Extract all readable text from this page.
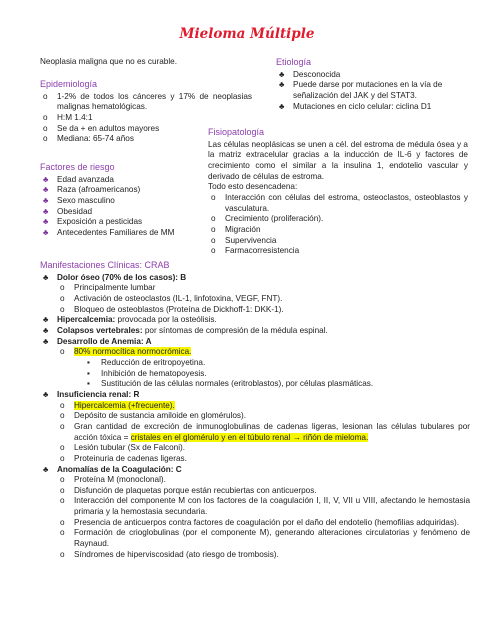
Mieloma Múltiple

Neoplasia maligna que no es curable.

Epidemiología
o	1-2% de todos los cánceres y 17% de neoplasias malignas hematológicas.
o	H:M 1.4:1
o	Se da + en adultos mayores
o	Mediana: 65-74 años
Factores de riesgo
♣	Edad avanzada
♣	Raza (afroamericanos)
♣	Sexo masculino
♣	Obesidad
♣	Exposición a pesticidas
♣	Antecedentes Familiares de MM
Etiología
♣	Desconocida
♣	Puede darse por mutaciones en la vía de señalización del JAK y del STAT3.
♣	Mutaciones en ciclo celular: ciclina D1
Fisiopatología

Las células neoplásicas se unen a cél. del estroma de médula ósea y a la matriz extracelular gracias a la inducción de IL-6 y factores de crecimiento como el similar a la insulina 1, endotelio vascular y derivado de células de estroma.

Todo esto desencadena:

o	Interacción con células del estroma, osteoclastos, osteoblastos y vasculatura.
o	Crecimiento (proliferación).
o	Migración
o	Supervivencia
o	Farmacorresistencia
Manifestaciones Clínicas: CRAB
♣	Dolor óseo (70% de los casos): B
o	Principalmente lumbar
o	Activación de osteoclastos (IL-1, linfotoxina, VEGF, FNT).
o	Bloqueo de osteoblastos (Proteína de Dickhoff-1: DKK-1).
♣	Hipercalcemia: provocada por la osteólisis.
♣	Colapsos vertebrales: por síntomas de compresión de la médula espinal.
♣	Desarrollo de Anemia: A
o	80% normocítica normocrómica.
▪	Reducción de eritropoyetina.
▪	Inhibición de hematopoyesis.
▪	Sustitución de las células normales (eritroblastos), por células plasmáticas.
♣	Insuficiencia renal: R
o	Hipercalcemia (+frecuente).
o	Depósito de sustancia amiloide en glomérulos).
o	Gran cantidad de excreción de inmunoglobulinas de cadenas ligeras, lesionan las células tubulares por acción tóxica = cristales en el glomérulo y en el túbulo renal → riñón de mieloma.
o	Lesión tubular (Sx de Falconi).
o	Proteinuria de cadenas ligeras.
♣	Anomalías de la Coagulación: C
o	Proteína M (monoclonal).
o	Disfunción de plaquetas porque están recubiertas con anticuerpos.
o	Interacción del componente M con los factores de la coagulación I, II, V, VII u VIII, afectando le hemostasia primaria y la hemostasia secundaria.
o	Presencia de anticuerpos contra factores de coagulación por el daño del endotelio (hemofilias adquiridas).
o	Formación de crioglobulinas (por el componente M), generando alteraciones circulatorias y fenómeno de Raynaud.
o	Síndromes de hiperviscosidad (ato riesgo de trombosis).
